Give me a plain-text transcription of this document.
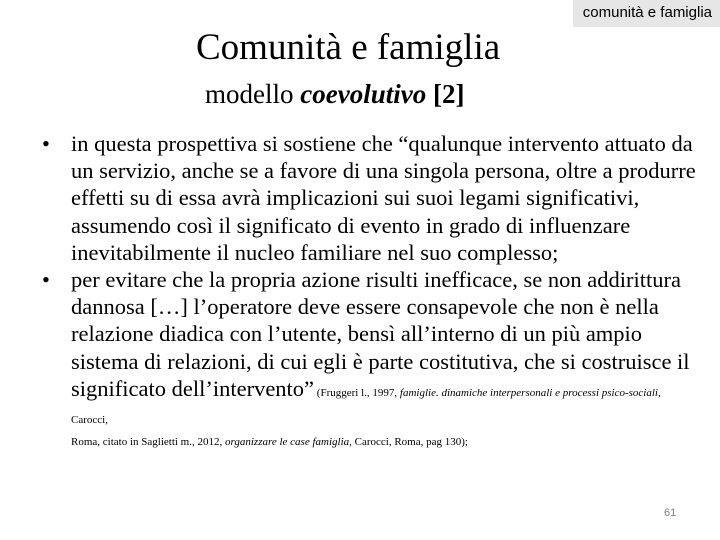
comunità e famiglia
Comunità e famiglia
modello coevolutivo [2]
• in questa prospettiva si sostiene che “qualunque intervento attuato da un servizio, anche se a favore di una singola persona, oltre a produrre effetti su di essa avrà implicazioni sui suoi legami significativi, assumendo così il significato di evento in grado di influenzare inevitabilmente il nucleo familiare nel suo complesso;
• per evitare che la propria azione risulti inefficace, se non addirittura dannosa […] l’operatore deve essere consapevole che non è nella relazione diadica con l’utente, bensì all’interno di un più ampio sistema di relazioni, di cui egli è parte costitutiva, che si costruisce il significato dell’intervento” (Fruggeri l., 1997, famiglie. dinamiche interpersonali e processi psico-sociali, Carocci,
Roma, citato in Saglietti m., 2012, organizzare le case famiglia, Carocci, Roma, pag 130);
61
